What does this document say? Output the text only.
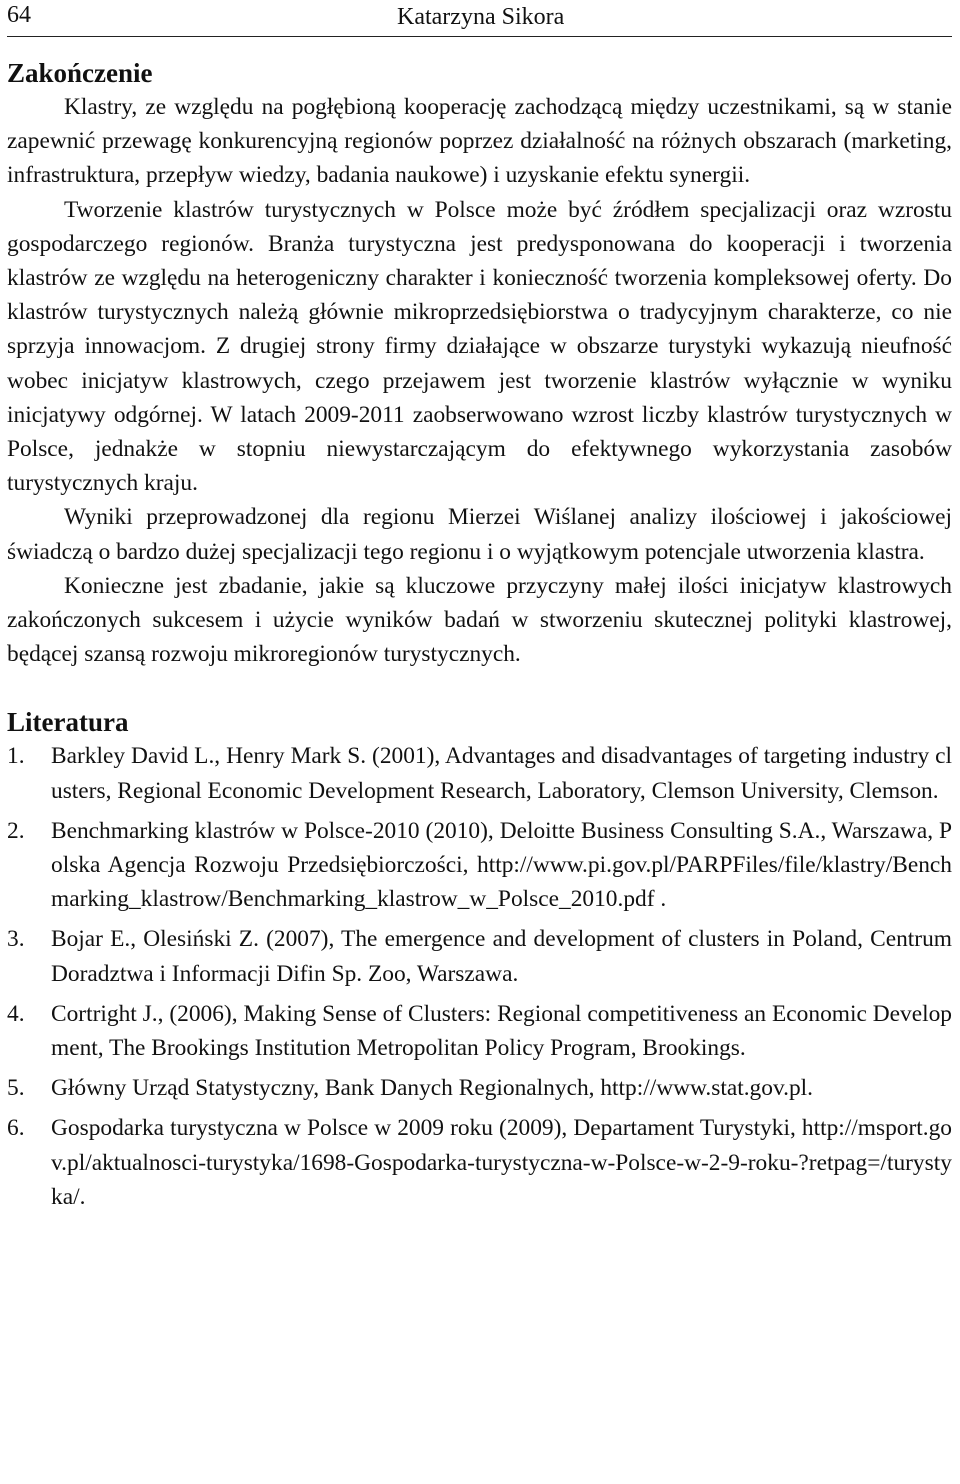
64	Katarzyna Sikora
Zakończenie

Klastry, ze względu na pogłębioną kooperację zachodzącą między uczestnikami, są w stanie zapewnić przewagę konkurencyjną regionów poprzez działalność na różnych obszarach (marketing, infrastruktura, przepływ wiedzy, badania naukowe) i uzyskanie efektu synergii.

Tworzenie klastrów turystycznych w Polsce może być źródłem specjalizacji oraz wzrostu gospodarczego regionów. Branża turystyczna jest predysponowana do kooperacji i tworzenia klastrów ze względu na heterogeniczny charakter i konieczność tworzenia kompleksowej oferty. Do klastrów turystycznych należą głównie mikroprzedsiębiorstwa o tradycyjnym charakterze, co nie sprzyja innowacjom. Z drugiej strony firmy działające w obszarze turystyki wykazują nieufność wobec inicjatyw klastrowych, czego przejawem jest tworzenie klastrów wyłącznie w wyniku inicjatywy odgórnej. W latach 2009-2011 zaobserwowano wzrost liczby klastrów turystycznych w Polsce, jednakże w stopniu niewystarczającym do efektywnego wykorzystania zasobów turystycznych kraju.

Wyniki przeprowadzonej dla regionu Mierzei Wiślanej analizy ilościowej i jakościowej świadczą o bardzo dużej specjalizacji tego regionu i o wyjątkowym potencjale utworzenia klastra.

Konieczne jest zbadanie, jakie są kluczowe przyczyny małej ilości inicjatyw klastrowych zakończonych sukcesem i użycie wyników badań w stworzeniu skutecznej polityki klastrowej, będącej szansą rozwoju mikroregionów turystycznych.

Literatura
1. Barkley David L., Henry Mark S. (2001), Advantages and disadvantages of targeting industry clusters, Regional Economic Development Research, Laboratory, Clemson University, Clemson.
2. Benchmarking klastrów w Polsce-2010 (2010), Deloitte Business Consulting S.A., Warszawa, Polska Agencja Rozwoju Przedsiębiorczości, http://www.pi.gov.pl/PARPFiles/file/klastry/Benchmarking_klastrow/Benchmarking_klastrow_w_Polsce_2010.pdf .
3. Bojar E., Olesiński Z. (2007), The emergence and development of clusters in Poland, Centrum Doradztwa i Informacji Difin Sp. Zoo, Warszawa.
4. Cortright J., (2006), Making Sense of Clusters: Regional competitiveness an Economic Development, The Brookings Institution Metropolitan Policy Program, Brookings.
5. Główny Urząd Statystyczny, Bank Danych Regionalnych, http://www.stat.gov.pl.
6. Gospodarka turystyczna w Polsce w 2009 roku (2009), Departament Turystyki, http://msport.gov.pl/aktualnosci-turystyka/1698-Gospodarka-turystyczna-w-Polsce-w-2-9-roku-?retpag=/turystyka/.
